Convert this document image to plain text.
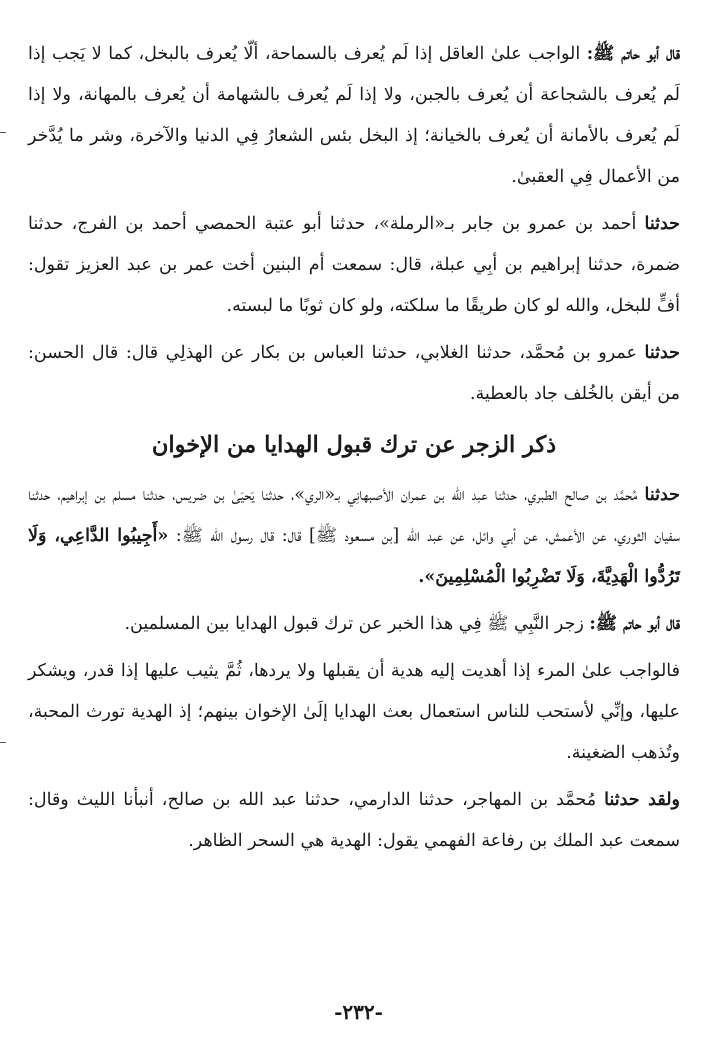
قال أبو حاتم ﷺ: الواجب علىٰ العاقل إذا لَم يُعرف بالسماحة، ألّا يُعرف بالبخل، كما لا يَجب إذا لَم يُعرف بالشجاعة أن يُعرف بالجبن، ولا إذا لَم يُعرف بالشهامة أن يُعرف بالمهانة، ولا إذا لَم يُعرف بالأمانة أن يُعرف بالخيانة؛ إذ البخل بئس الشعارُ فِي الدنيا والآخرة، وشر ما يُدَّخر من الأعمال فِي العقبىٰ.

حدثنا أحمد بن عمرو بن جابر بـ«الرملة»، حدثنا أبو عتبة الحمصي أحمد بن الفرج، حدثنا ضمرة، حدثنا إبراهيم بن أبِي عبلة، قال: سمعت أم البنين أخت عمر بن عبد العزيز تقول: أفٍّ للبخل، والله لو كان طريقًا ما سلكته، ولو كان ثوبًا ما لبسته.

حدثنا عمرو بن مُحمَّد، حدثنا الغلابي، حدثنا العباس بن بكار عن الهذلِي قال: قال الحسن: من أيقن بالخُلف جاد بالعطية.

ذكر الزجر عن ترك قبول الهدايا من الإخوان

حدثنا مُحمَّد بن صالح الطبري، حدثنا عبد الله بن عمران الأصبهانِي بـ«الري»، حدثنا يَحيَىٰ بن ضريس، حدثنا مسلم بن إبراهيم، حدثنا سفيان الثوري، عن الأعمش، عن أبي وائل، عن عبد الله [بن مسعود ﷺ] قال: قال رسول الله ﷺ: «أَجِيبُوا الدَّاعِي، وَلَا تَرُدُّوا الْهَدِيَّةَ، وَلَا تَضْرِبُوا الْمُسْلِمِينَ».

قال أبو حاتم ﷺ: زجر النَّبِي ﷺ فِي هذا الخبر عن ترك قبول الهدايا بين المسلمين.

فالواجب علىٰ المرء إذا أهديت إليه هدية أن يقبلها ولا يردها، ثُمَّ يثيب عليها إذا قدر، ويشكر عليها، وإنِّي لأستحب للناس استعمال بعث الهدايا إلَىٰ الإخوان بينهم؛ إذ الهدية تورث المحبة، وتُذهب الضغينة.

ولقد حدثنا مُحمَّد بن المهاجر، حدثنا الدارمي، حدثنا عبد الله بن صالح، أنبأنا الليث وقال: سمعت عبد الملك بن رفاعة الفهمي يقول: الهدية هي السحر الظاهر.

-٢٣٢-
